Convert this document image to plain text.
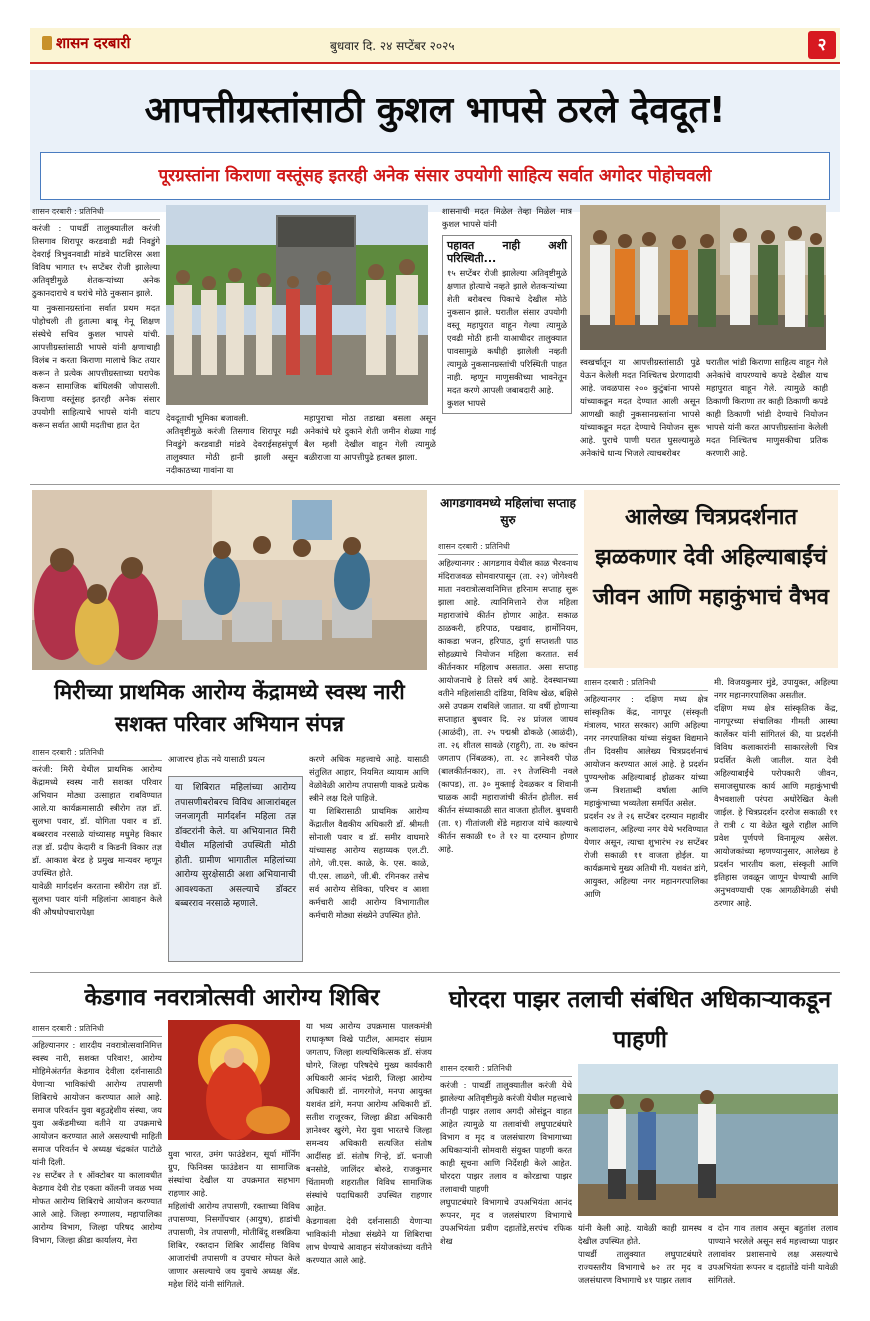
शासन दरबारी	बुधवार दि. २४ सप्टेंबर २०२५	२
आपत्तीग्रस्तांसाठी कुशल भापसे ठरले देवदूत!
पूरग्रस्तांना किराणा वस्तूंसह इतरही अनेक संसार उपयोगी साहित्य सर्वात अगोदर पोहोचवली
शासन दरबारी : प्रतिनिधी

करंजी : पाथर्डी तालुक्यातील करंजी तिसगाव शिरापूर करडवाडी मढी निवडुंगे देवराई त्रिभुवनवाडी मांडवे घाटशिरस अशा विविध भागात १५ सप्टेंबर रोजी झालेल्या अतिवृष्टीमुळे शेतकऱ्यांच्या अनेक ठुकानदाराचे व घरांचे मोठे नुकसान झाले.

या नुकसानग्रस्तांना सर्वात प्रथम मदत पोहोचली ती हुतात्मा बाबू गेनू शिक्षण संस्थेचे सचिव कुशल भापसे यांची. आपत्तीग्रस्तांसाठी भापसे यांनी क्षणाचाही विलंब न करता किराणा मालाचे किट तयार करून ते प्रत्येक आपत्तीग्रस्ताच्या घरापेक करून सामाजिक बांधिलकी जोपासली. किराणा वस्तूंसह इतरही अनेक संसार उपयोगी साहित्याचे भापसे यांनी वाटप करून सर्वात आधी मदतीचा हात देत

देवदूताची भूमिका बजावली.

अतिवृष्टीमुळे करंजी तिसगाव शिरापूर मढी निवडुंगे करडवाडी मांडवे देवराईसहसंपूर्ण तालुक्यात मोठी हानी झाली असून नदीकाठच्या गावांना या

महापुराचा मोठा तडाखा बसला असून अनेकांचे घरे दुकाने शेती जमीन शेळ्या गाई बैल म्हशी देखील वाहून गेली त्यामुळे बळीराजा या आपत्तीपुढे हतबल झाला.

शासनाची मदत मिळेल तेव्हा मिळेल मात्र कुशल भापसे यांनी

पहावत नाही अशी परिस्थिती...

१५ सप्टेंबर रोजी झालेल्या अतिवृष्टीमुळे क्षणात होत्याचे नव्हते झाले शेतकऱ्यांच्या शेती बरोबरच पिकाचे देखील मोठे नुकसान झाले. घरातील संसार उपयोगी वस्तू महापुरात वाहून गेल्या त्यामुळे एवढी मोठी हानी याआधीदर तालुक्यात पावसामुळे कधीही झालेली नव्हती त्यामुळे नुकसानग्रस्तांची परिस्थिती पाहत नाही. म्हणून माणुसकीच्या भावनेतून मदत करणे आपली जबाबदारी आहे.

कुशल भापसे

स्वखर्चातून या आपत्तीग्रस्तांसाठी पुढे येऊन केलेली मदत निश्चितच प्रेरणादायी आहे. जवळपास २०० कुटुंबांना भापसे यांच्याकडून मदत देण्यात आली असून आणखी काही नुकसानग्रस्तांना भापसे यांच्याकडून मदत देण्याचे नियोजन सुरू आहे. पुराचे पाणी घरात घुसल्यामुळे अनेकांचे धान्य भिजले त्याचबरोबर

घरातील भांडी किराणा साहित्य वाहून गेले अनेकांचे वापरण्याचे कपडे देखील याच महापुरात वाहून गेले. त्यामुळे काही ठिकाणी किराणा तर काही ठिकाणी कपडे काही ठिकाणी भांडी देण्याचे नियोजन भापसे यांनी करत आपत्तीग्रस्तांना केलेली मदत निश्चितच माणुसकीचा प्रतिक करणारी आहे.

मिरीच्या प्राथमिक आरोग्य केंद्रामध्ये स्वस्थ नारी सशक्त परिवार अभियान संपन्न
शासन दरबारी : प्रतिनिधी

करंजी: मिरी येथील प्राथमिक आरोग्य केंद्रामध्ये स्वस्थ नारी सशक्त परिवार अभियान मोठ्या उत्साहात राबविण्यात आले.या कार्यक्रमासाठी स्त्रीरोग तज्ञ डॉ. सुलभा पवार, डॉ. योगिता पवार व डॉ. बब्बरराव नरसाळे यांच्यासह मधुमेह विकार तज्ञ डॉ. प्रदीप केदारी व किडनी विकार तज्ञ डॉ. आकाश बेरड हे प्रमुख मान्यवर म्हणून उपस्थित होते.

यावेळी मार्गदर्शन करताना स्त्रीरोग तज्ञ डॉ. सुलभा पवार यांनी महिलांना आवाहन केले की औषधोपचारापेक्षा

आजारच होऊ नये यासाठी प्रयत्न
या शिबिरात महिलांच्या आरोग्य तपासणीबरोबरच विविध आजारांबद्दल जनजागृती मार्गदर्शन महिला तज्ञ डॉक्टरांनी केले. या अभियानात मिरी येथील महिलांची उपस्थिती मोठी होती. ग्रामीण भागातील महिलांच्या आरोग्य सुरक्षेसाठी अशा अभियानाची आवश्यकता असल्याचे डॉक्टर बब्बरराव नरसाळे म्हणाले.

करणे अधिक महत्त्वाचे आहे. यासाठी संतुलित आहार, नियमित व्यायाम आणि वेळोवेळी आरोग्य तपासणी याकडे प्रत्येक स्त्रीने लक्ष दिले पाहिजे.

या शिबिरासाठी प्राथमिक आरोग्य केंद्रातील वैद्यकीय अधिकारी डॉ. श्रीमती सोनाली पवार व डॉ. समीर वाघमारे यांच्यासह आरोग्य सहाय्यक एल.टी. तोगे, जी.एस. काळे, के. एस. काळे, पी.एस. लाळगे, जी.बी. रगिनकर तसेच सर्व आरोग्य सेविका, परिचर व आशा कर्मचारी आदी आरोग्य विभागातील कर्मचारी मोठ्या संख्येने उपस्थित होते.

आगडगावमध्ये महिलांचा सप्ताह सुरु
शासन दरबारी : प्रतिनिधी

अहिल्यानगर : आगडगाव येथील काळ भैरवनाथ मंदिराजवळ सोमवारपासून (ता. २२) जोगेश्वरी माता नवरात्रोत्सवानिमित्त हरिनाम सप्ताह सुरू झाला आहे. त्यानिमित्ताने रोज महिला महाराजांचे कीर्तन होणार आहेत. सकाळ ठाळकरी, हरिपाठ, पखवाद, हार्मोनियम, काकडा भजन, हरिपाठ, दुर्गा सप्तशती पाठ सोहळ्याचे नियोजन महिला करतात. सर्व कीर्तनकार महिलाच असतात. असा सप्ताह आयोजनाचे हे तिसरे वर्ष आहे. देवस्थानच्या वतीने महिलांसाठी दांडिया, विविध खेळ, बक्षिसे असे उपक्रम राबविले जातात. या वर्षी होणाऱ्या सप्ताहात बुधवार दि. २४ प्रांजल जाधव (आळंदी), ता. २५ पद्मश्री ढोकळे (आळंदी), ता. २६ शीतल सावळे (राहुरी), ता. २७ कांचन जगताप (निंबळक), ता. २८ ज्ञानेश्वरी पोळ (बालकीर्तनकार), ता. २९ तेजस्विनी नवले (कापड), ता. ३० मुक्ताई देवळकर व शिवानी चाळक आदी महाराजांची कीर्तन होतील. सर्व कीर्तन संध्याकाळी सात वाजता होतील. बुधवारी (ता. १) गीतांजली शेंडे महाराज यांचे काल्याचे कीर्तन सकाळी १० ते १२ या दरम्यान होणार आहे.

आलेख्य चित्रप्रदर्शनात झळकणार देवी अहिल्याबाईंचं जीवन आणि महाकुंभाचं वैभव
शासन दरबारी : प्रतिनिधी

अहिल्यानगर : दक्षिण मध्य क्षेत्र सांस्कृतिक केंद्र, नागपूर (संस्कृती मंत्रालय, भारत सरकार) आणि अहिल्या नगर नगरपालिका यांच्या संयुक्त विद्यमाने तीन दिवसीय आलेख्य चित्रप्रदर्शनाचं आयोजन करण्यात आलं आहे. हे प्रदर्शन पुण्यश्लोक अहिल्याबाई होळकर यांच्या जन्म त्रिशताब्दी वर्षाला आणि महाकुंभाच्या भव्यतेला समर्पित असेल.

प्रदर्शन २४ ते २६ सप्टेंबर दरम्यान महावीर कलादालन, अहिल्या नगर येथे भरविण्यात येणार असून, त्याचा शुभारंभ २४ सप्टेंबर रोजी सकाळी ११ वाजता होईल. या कार्यक्रमाचे मुख्य अतिथी मी. यशवंत डांगे, आयुक्त, अहिल्या नगर महानगरपालिका आणि

मी. विजयकुमार मुंडे, उपायुक्त, अहिल्या नगर महानगरपालिका असतील.

दक्षिण मध्य क्षेत्र सांस्कृतिक केंद्र, नागपूरच्या संचालिका गीमती आस्था कार्लेकर यांनी सांगितलं की, या प्रदर्शनी विविध कलाकारांनी साकारलेली चित्र प्रदर्शित केली जातील. यात देवी अहिल्याबाईंचे परोपकारी जीवन, समाजसुधारक कार्य आणि महाकुंभाची वैभवशाली परंपरा अधोरेखित केली जाईल. हे चित्रप्रदर्शन दररोज सकाळी ११ ते रात्री ८ या वेळेत खुले राहील आणि प्रवेश पूर्णपणे विनामूल्य असेल. आयोजकांच्या म्हणण्यानुसार, आलेख्य हे प्रदर्शन भारतीय कला, संस्कृती आणि इतिहास जवळून जाणून घेण्याची आणि अनुभवण्याची एक आगळीवेगळी संधी ठरणार आहे.

केडगाव नवरात्रोत्सवी आरोग्य शिबिर
शासन दरबारी : प्रतिनिधी

अहिल्यानगर : शारदीय नवरात्रोत्सवानिमित्त स्वस्थ नारी, सशक्त परिवार!, आरोग्य मोहिमेअंतर्गत केडगाव देवीला दर्शनासाठी येणाऱ्या भाविकांची आरोग्य तपासणी शिबिराचे आयोजन करण्यात आले आहे. समाज परिवर्तन युवा बहुउद्देशीय संस्था, जय युवा अकॅडमीच्या वतीने या उपक्रमाचे आयोजन करण्यात आले असल्याची माहिती समाज परिवर्तन चे अध्यक्ष चंद्रकांत पाटोळे यांनी दिली.

२४ सप्टेंबर ते १ ऑक्टोबर या कालावधीत केडगाव देवी रोड एकता कॉलनी जवळ भव्य मोफत आरोग्य शिबिराचे आयोजन करण्यात आले आहे. जिल्हा रुग्णालय, महापालिका आरोग्य विभाग, जिल्हा परिषद आरोग्य विभाग, जिल्हा क्रीडा कार्यालय, मेरा

युवा भारत, उमंग फाउंडेशन, सूर्या मॉर्निंग ग्रुप, फिनिक्स फाउंडेशन या सामाजिक संस्थांचा देखील या उपक्रमात सहभाग राहणार आहे.

महिलांची आरोग्य तपासणी, रक्ताच्या विविध तपासण्या, निसर्गोपचार (आयुष), हाडांची तपासणी, नेत्र तपासणी, मोतीबिंदू शस्त्रक्रिया शिबिर, रक्तदान शिबिर आदींसह विविध आजारांची तपासणी व उपचार मोफत केले जाणार असल्याचे जय युवाचे अध्यक्ष ॲड. महेश शिंदे यांनी सांगितले.

या भव्य आरोग्य उपक्रमास पालकमंत्री राधाकृष्ण विखे पाटील, आमदार संग्राम जगताप, जिल्हा शल्यचिकित्सक डॉ. संजय घोगरे, जिल्हा परिषदेचे मुख्य कार्यकारी अधिकारी आनंद भंडारी, जिल्हा आरोग्य अधिकारी डॉ. नागरगोजे, मनपा आयुक्त यशवंत डांगे, मनपा आरोग्य अधिकारी डॉ. सतीश राजूरकर, जिल्हा क्रीडा अधिकारी ज्ञानेश्वर खुरंगे, मेरा युवा भारतचे जिल्हा समन्वय अधिकारी सत्यजित संतोष आदींसह डॉ. संतोष गिऱ्हे, डॉ. धनाजी बनसोडे, जालिंदर बोरुडे, राजकुमार चिंतामणी शहरातील विविध सामाजिक संस्थांचे पदाधिकारी उपस्थित राहणार आहेत.

केडगावला देवी दर्शनासाठी येणाऱ्या भाविकांनी मोठ्या संख्येने या शिबिराचा लाभ घेण्याचे आवाहन संयोजकांच्या वतीने करण्यात आले आहे.

घोरदरा पाझर तलाची संबंधित अधिकाऱ्याकडून पाहणी
शासन दरबारी : प्रतिनिधी

करंजी : पाथर्डी तालुक्यातील करंजी येथे झालेल्या अतिवृष्टीमुळे करंजी येथील महत्त्वाचे तीनही पाझर तलाव अगदी ओसंडून वाहत आहेत त्यामुळे या तलावांची लघुपाटबंधारे विभाग व मृद व जलसंधारण विभागाच्या अधिकाऱ्यांनी सोमवारी संयुक्त पाहणी करत काही सूचना आणि निर्देशही केले आहेत. घोरदरा पाझर तलाव व कोरडाचा पाझर तलावाची पाहणी

लघुपाटबंधारे विभागाचे उपअभियंता आनंद रूपनर, मृद व जलसंधारण विभागाचे उपअभियंता प्रवीण दहातोंडे,सरपंच रफिक शेख

यांनी केली आहे. यावेळी काही ग्रामस्थ देखील उपस्थित होते.

पाथर्डी तालुक्यात लघुपाटबंधारे राज्यस्तरीय विभागाचे ७२ तर मृद व जलसंधारण विभागाचे ४१ पाझर तलाव

व दोन गाव तलाव असून बहुतांश तलाव पाण्याने भरलेले असून सर्व महत्त्वाच्या पाझर तलावांवर प्रशासनाचे लक्ष असल्याचे उपअभियंता रूपनर व दहातोंडे यांनी यावेळी सांगितले.
